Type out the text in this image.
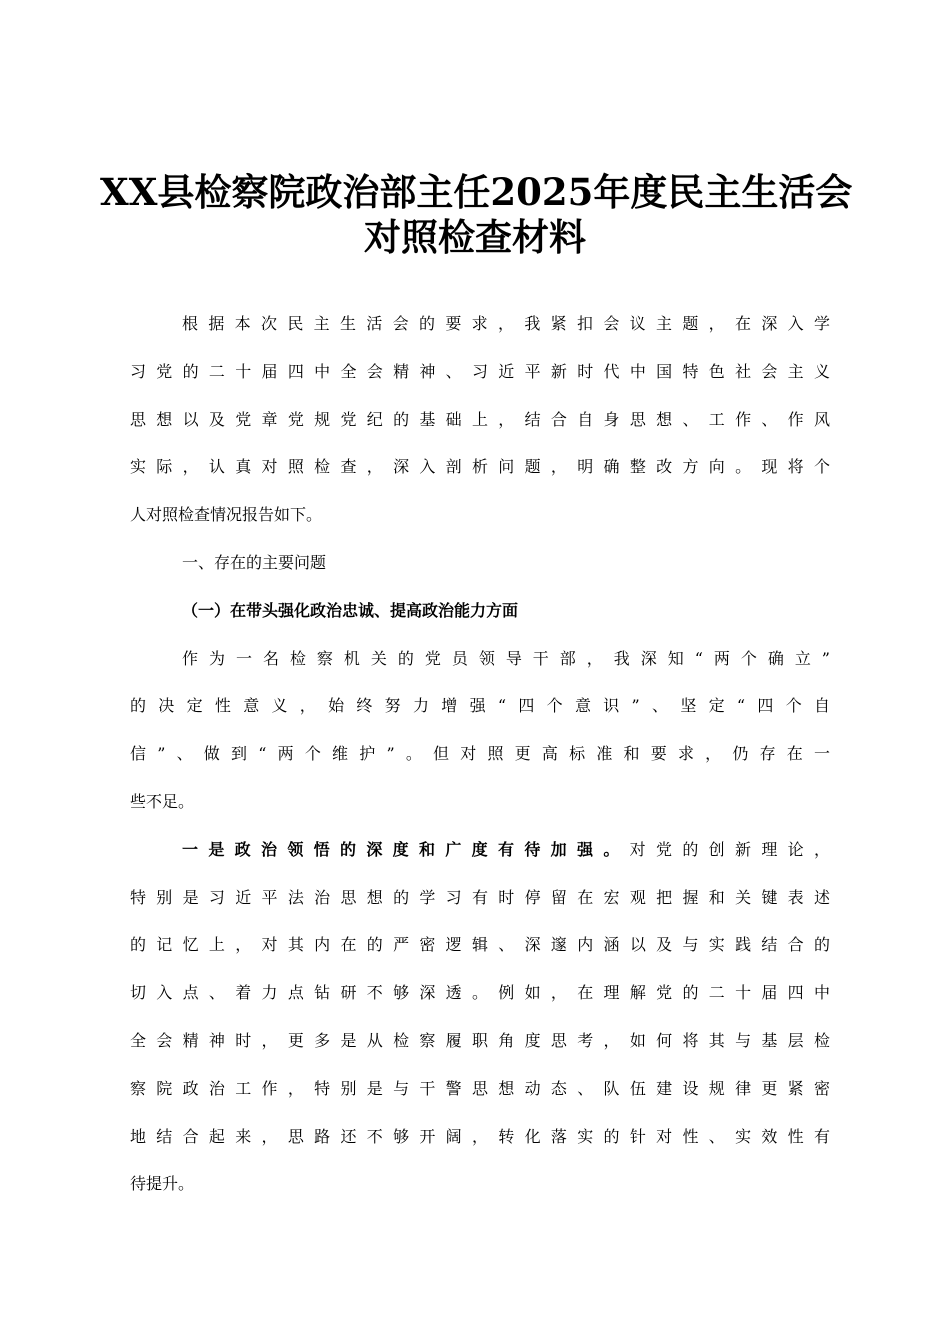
XX县检察院政治部主任2025年度民主生活会
对照检查材料
根据本次民主生活会的要求，我紧扣会议主题，在深入学
习党的二十届四中全会精神、习近平新时代中国特色社会主义
思想以及党章党规党纪的基础上，结合自身思想、工作、作风
实际，认真对照检查，深入剖析问题，明确整改方向。现将个
人对照检查情况报告如下。
一、存在的主要问题
（一）在带头强化政治忠诚、提高政治能力方面
作为一名检察机关的党员领导干部，我深知“两个确立”
的决定性意义，始终努力增强“四个意识”、坚定“四个自
信”、做到“两个维护”。但对照更高标准和要求，仍存在一
些不足。
一是政治领悟的深度和广度有待加强。对党的创新理论，
特别是习近平法治思想的学习有时停留在宏观把握和关键表述
的记忆上，对其内在的严密逻辑、深邃内涵以及与实践结合的
切入点、着力点钻研不够深透。例如，在理解党的二十届四中
全会精神时，更多是从检察履职角度思考，如何将其与基层检
察院政治工作，特别是与干警思想动态、队伍建设规律更紧密
地结合起来，思路还不够开阔，转化落实的针对性、实效性有
待提升。
